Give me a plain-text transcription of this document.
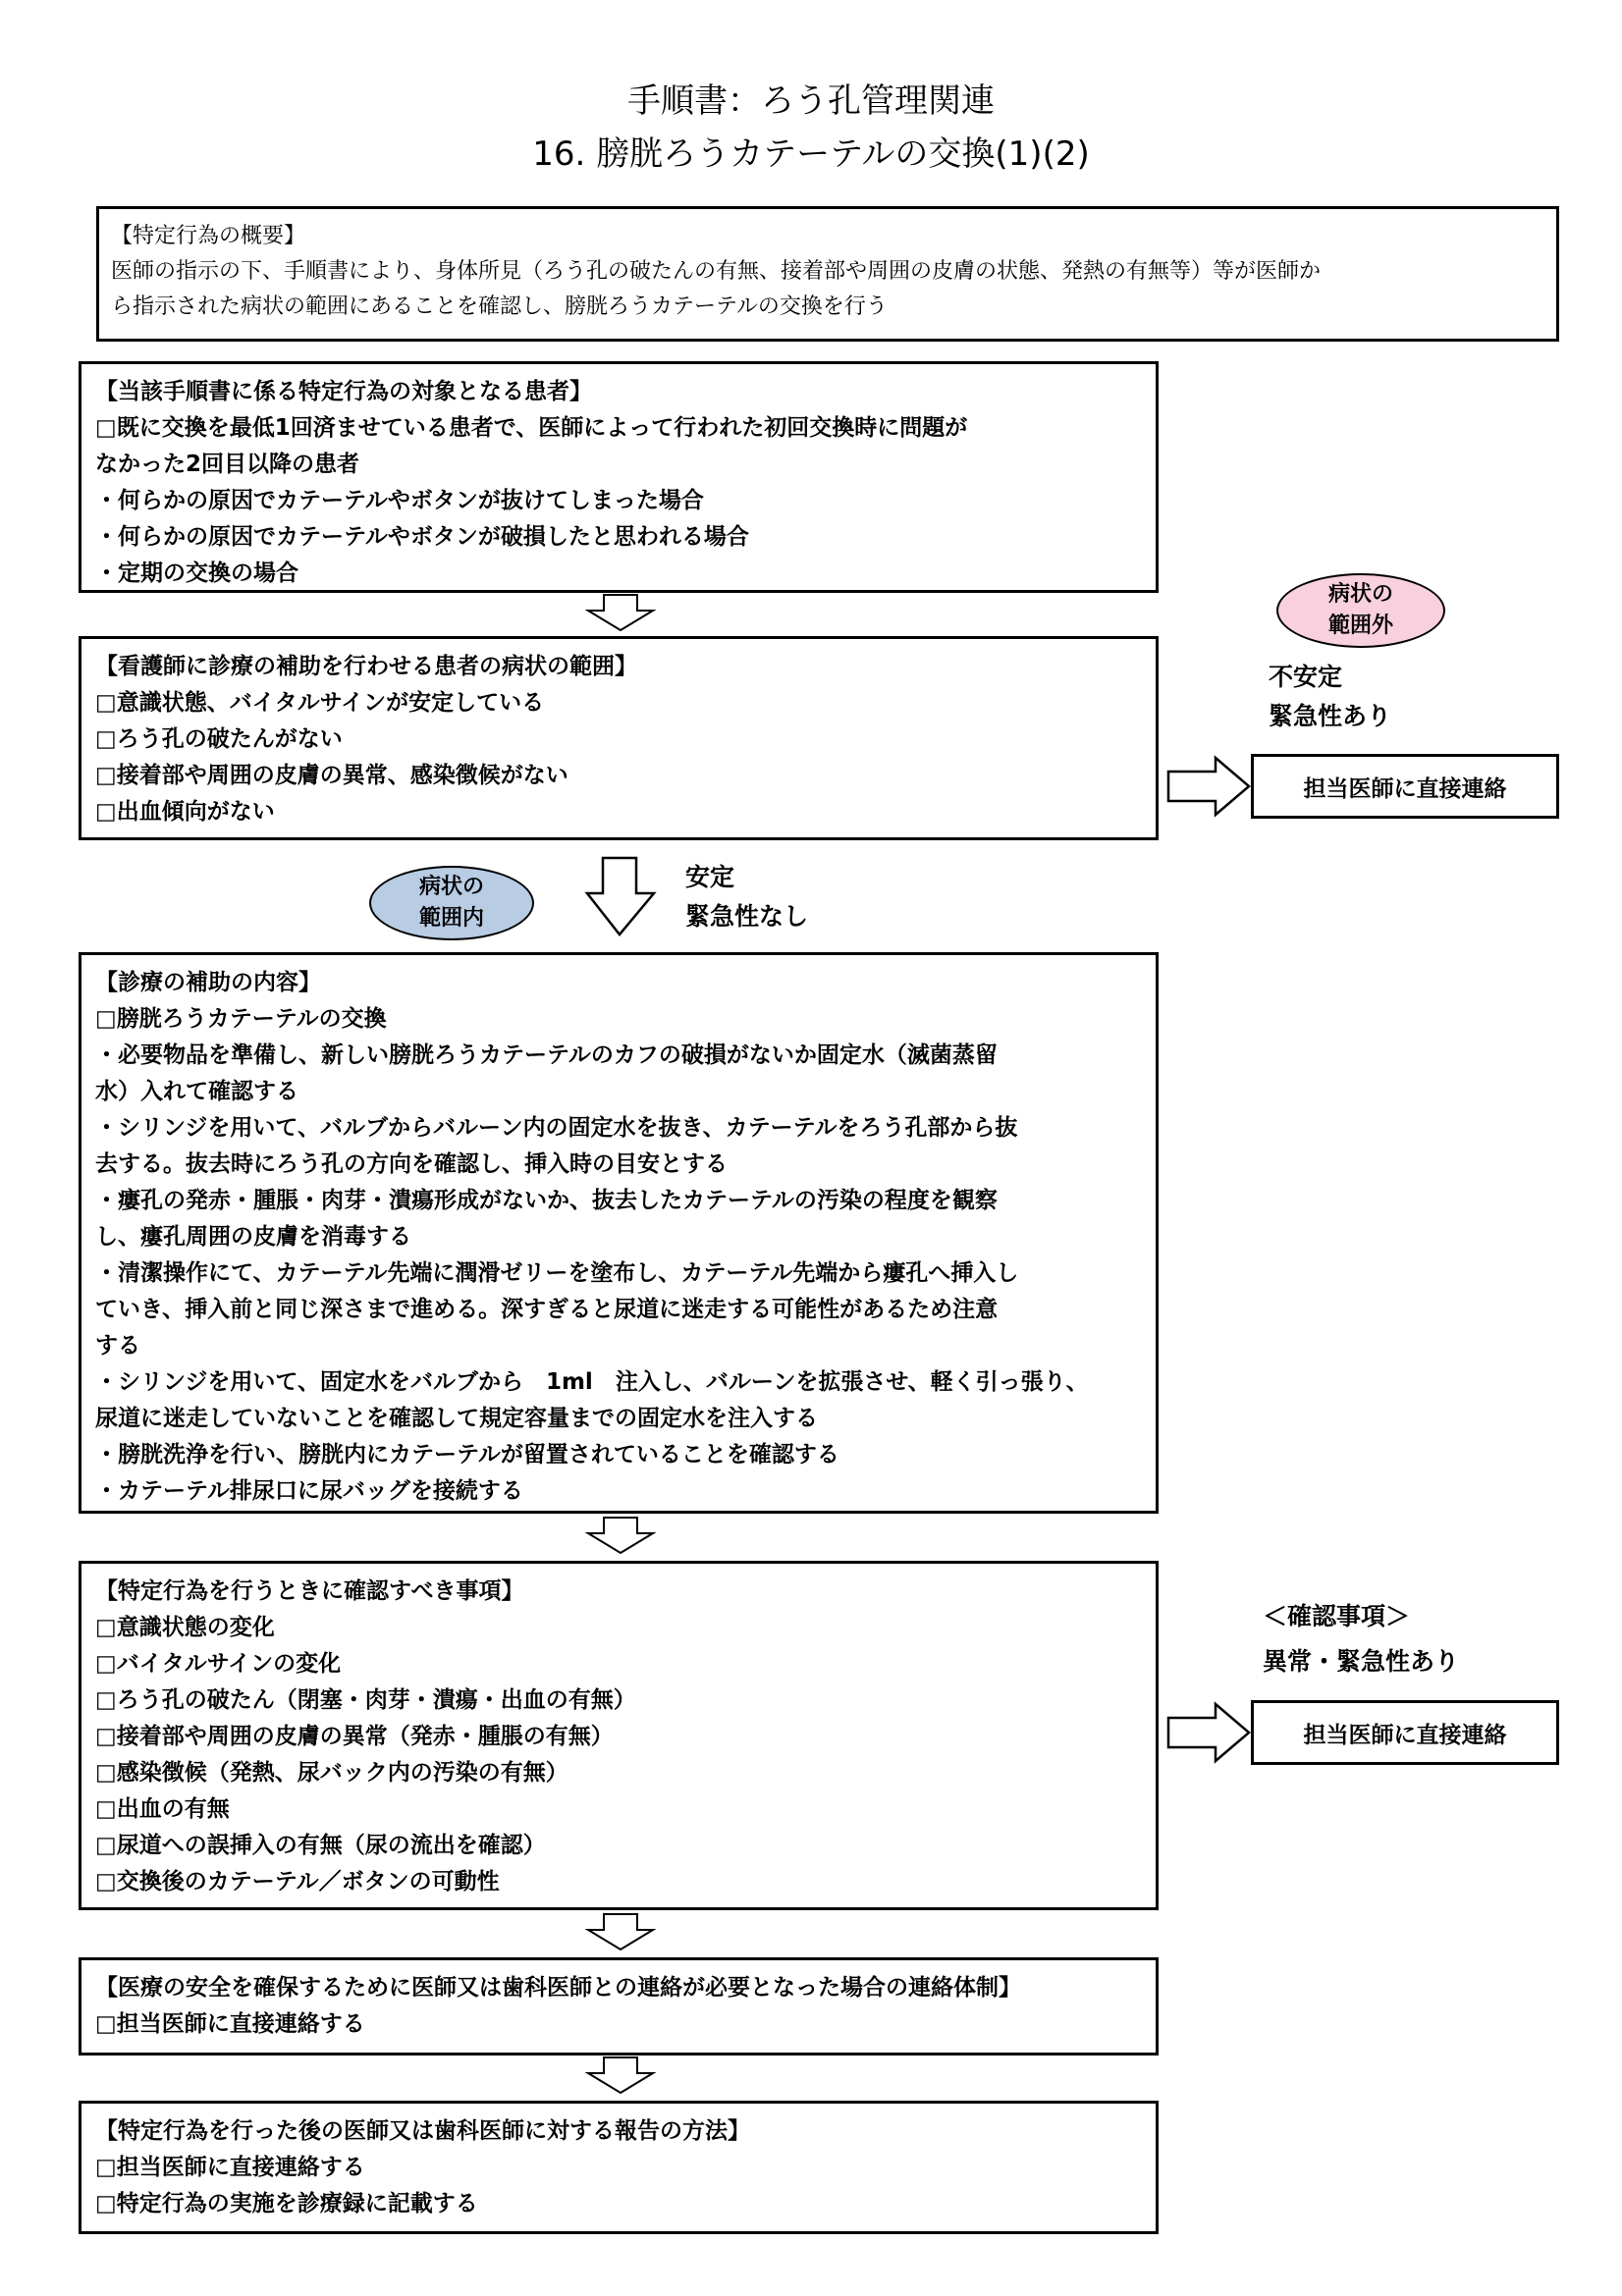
手順書：ろう孔管理関連
16. 膀胱ろうカテーテルの交換(1)(2)
【特定行為の概要】
医師の指示の下、手順書により、身体所見（ろう孔の破たんの有無、接着部や周囲の皮膚の状態、発熱の有無等）等が医師か
ら指示された病状の範囲にあることを確認し、膀胱ろうカテーテルの交換を行う
【当該手順書に係る特定行為の対象となる患者】
□既に交換を最低1回済ませている患者で、医師によって行われた初回交換時に問題が
なかった2回目以降の患者
・何らかの原因でカテーテルやボタンが抜けてしまった場合
・何らかの原因でカテーテルやボタンが破損したと思われる場合
・定期の交換の場合
病状の
範囲外
不安定
緊急性あり
【看護師に診療の補助を行わせる患者の病状の範囲】
□意識状態、バイタルサインが安定している
□ろう孔の破たんがない
□接着部や周囲の皮膚の異常、感染徴候がない
□出血傾向がない
担当医師に直接連絡
病状の
範囲内
安定
緊急性なし
【診療の補助の内容】
□膀胱ろうカテーテルの交換
・必要物品を準備し、新しい膀胱ろうカテーテルのカフの破損がないか固定水（滅菌蒸留
水）入れて確認する
・シリンジを用いて、バルブからバルーン内の固定水を抜き、カテーテルをろう孔部から抜
去する。抜去時にろう孔の方向を確認し、挿入時の目安とする
・瘻孔の発赤・腫脹・肉芽・潰瘍形成がないか、抜去したカテーテルの汚染の程度を観察
し、瘻孔周囲の皮膚を消毒する
・清潔操作にて、カテーテル先端に潤滑ゼリーを塗布し、カテーテル先端から瘻孔へ挿入し
ていき、挿入前と同じ深さまで進める。深すぎると尿道に迷走する可能性があるため注意
する
・シリンジを用いて、固定水をバルブから　1ml　注入し、バルーンを拡張させ、軽く引っ張り、
尿道に迷走していないことを確認して規定容量までの固定水を注入する
・膀胱洗浄を行い、膀胱内にカテーテルが留置されていることを確認する
・カテーテル排尿口に尿バッグを接続する
【特定行為を行うときに確認すべき事項】
□意識状態の変化
□バイタルサインの変化
□ろう孔の破たん（閉塞・肉芽・潰瘍・出血の有無）
□接着部や周囲の皮膚の異常（発赤・腫脹の有無）
□感染徴候（発熱、尿バック内の汚染の有無）
□出血の有無
□尿道への誤挿入の有無（尿の流出を確認）
□交換後のカテーテル／ボタンの可動性
＜確認事項＞
異常・緊急性あり
担当医師に直接連絡
【医療の安全を確保するために医師又は歯科医師との連絡が必要となった場合の連絡体制】
□担当医師に直接連絡する
【特定行為を行った後の医師又は歯科医師に対する報告の方法】
□担当医師に直接連絡する
□特定行為の実施を診療録に記載する
